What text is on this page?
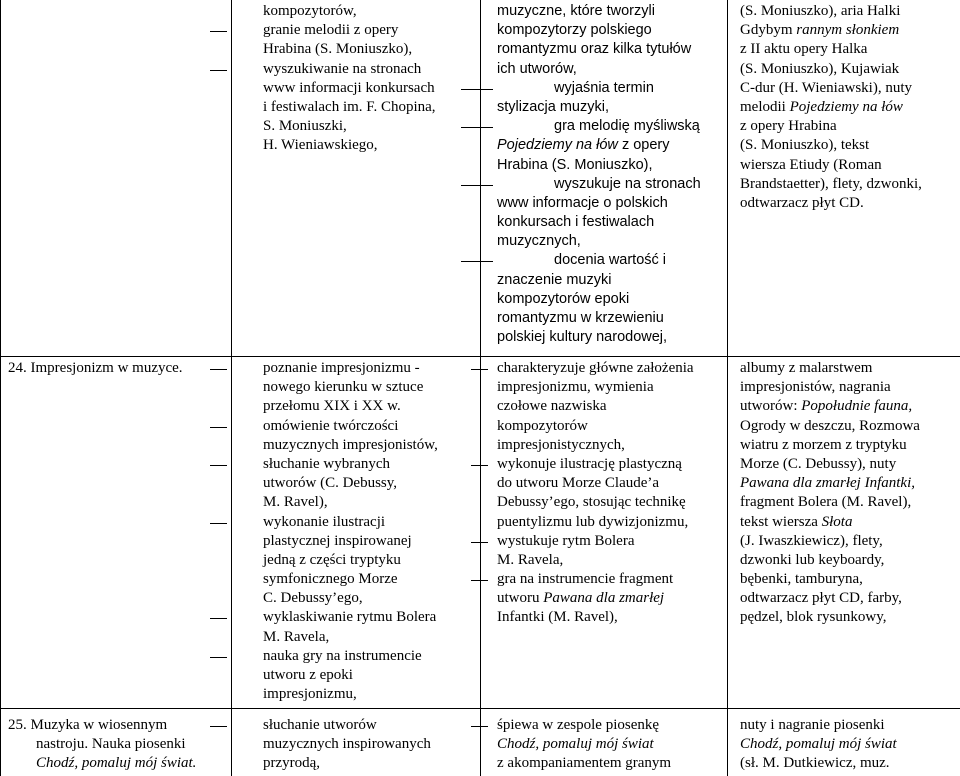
kompozytorów,
granie melodii z opery
Hrabina (S. Moniuszko),
wyszukiwanie na stronach
www informacji konkursach
i festiwalach im. F. Chopina,
S. Moniuszki,
H. Wieniawskiego,
muzyczne, które tworzyli
kompozytorzy polskiego
romantyzmu oraz kilka tytułów
ich utworów,
wyjaśnia termin
stylizacja muzyki,
gra melodię myśliwską
Pojedziemy na łów z opery
Hrabina (S. Moniuszko),
wyszukuje na stronach
www informacje o polskich
konkursach i festiwalach
muzycznych,
docenia wartość i
znaczenie muzyki
kompozytorów epoki
romantyzmu w krzewieniu
polskiej kultury narodowej,
(S. Moniuszko), aria Halki
Gdybym rannym słonkiem
z II aktu opery Halka
(S. Moniuszko), Kujawiak
C-dur (H. Wieniawski), nuty
melodii Pojedziemy na łów
z opery Hrabina
(S. Moniuszko), tekst
wiersza Etiudy (Roman
Brandstaetter), flety, dzwonki,
odtwarzacz płyt CD.
24. Impresjonizm w muzyce.	poznanie impresjonizmu -
nowego kierunku w sztuce
przełomu XIX i XX w.
omówienie twórczości
muzycznych impresjonistów,
słuchanie wybranych
utworów (C. Debussy,
M. Ravel),
wykonanie ilustracji
plastycznej inspirowanej
jedną z części tryptyku
symfonicznego Morze
C. Debussy’ego,
wyklaskiwanie rytmu Bolera
M. Ravela,
nauka gry na instrumencie
utworu z epoki
impresjonizmu,
charakteryzuje główne założenia
impresjonizmu, wymienia
czołowe nazwiska
kompozytorów
impresjonistycznych,
wykonuje ilustrację plastyczną
do utworu Morze Claude’a
Debussy’ego, stosując technikę
puentylizmu lub dywizjonizmu,
wystukuje rytm Bolera
M. Ravela,
gra na instrumencie fragment
utworu Pawana dla zmarłej
Infantki (M. Ravel),
albumy z malarstwem
impresjonistów, nagrania
utworów: Popołudnie fauna,
Ogrody w deszczu, Rozmowa
wiatru z morzem z tryptyku
Morze (C. Debussy), nuty
Pawana dla zmarłej Infantki,
fragment Bolera (M. Ravel),
tekst wiersza Słota
(J. Iwaszkiewicz), flety,
dzwonki lub keyboardy,
bębenki, tamburyna,
odtwarzacz płyt CD, farby,
pędzel, blok rysunkowy,
25. Muzyka w wiosennym
nastroju. Nauka piosenki
Chodź, pomaluj mój świat.
słuchanie utworów
muzycznych inspirowanych
przyrodą,
śpiewa w zespole piosenkę
Chodź, pomaluj mój świat
z akompaniamentem granym
nuty i nagranie piosenki
Chodź, pomaluj mój świat
(sł. M. Dutkiewicz, muz.
